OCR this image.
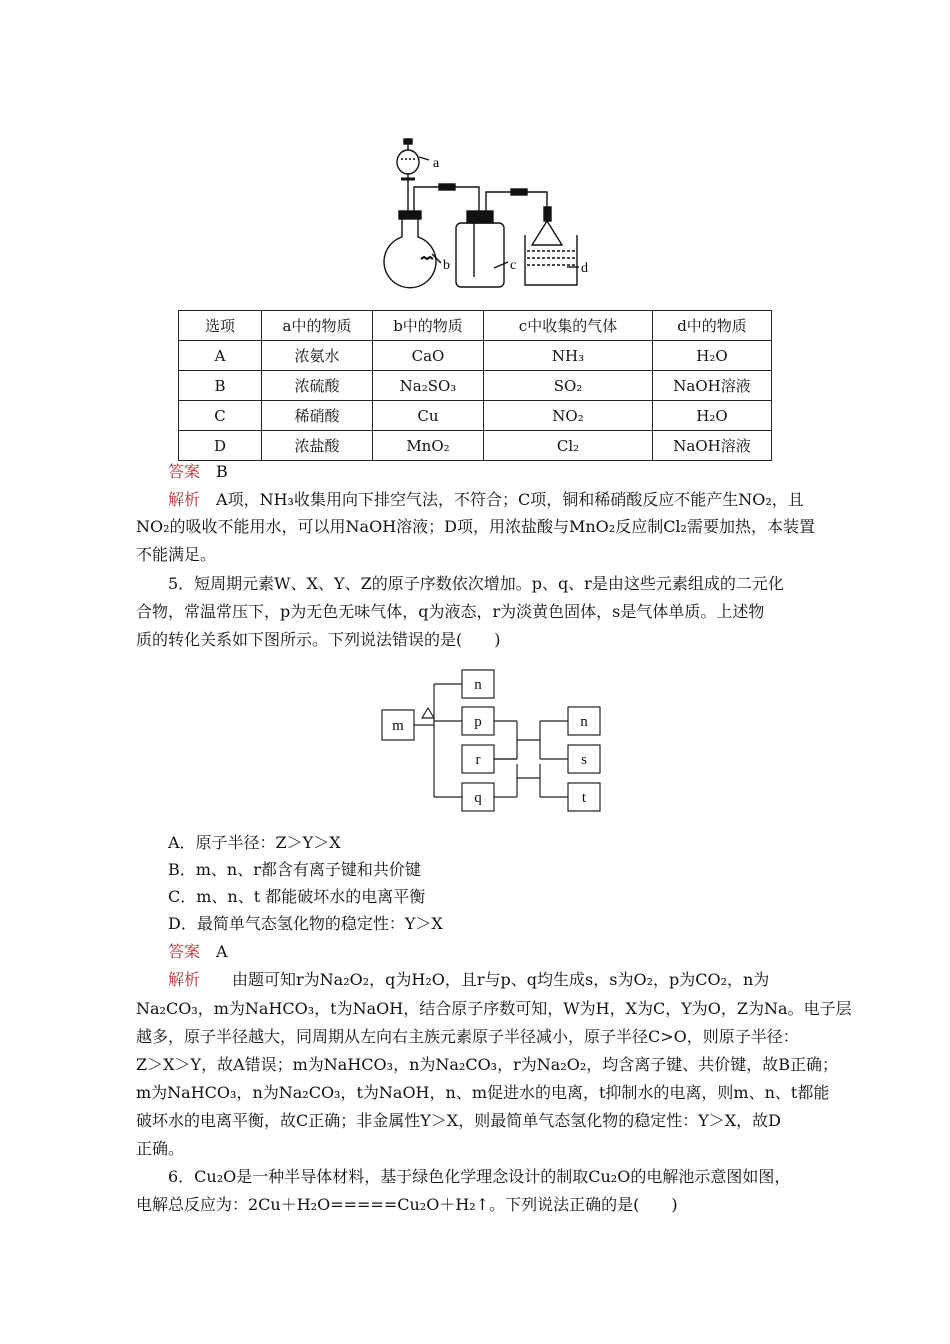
a
b	c	d
选项	a中的物质	b中的物质	c中收集的气体	d中的物质
A	浓氨水	CaO	NH₃	H₂O
B	浓硫酸	Na₂SO₃	SO₂	NaOH溶液
C	稀硝酸	Cu	NO₂	H₂O
D	浓盐酸	MnO₂	Cl₂	NaOH溶液
答案　 B
解析　 A项，NH₃收集用向下排空气法，不符合；C项，铜和稀硝酸反应不能产生NO₂，且
NO₂的吸收不能用水，可以用NaOH溶液；D项，用浓盐酸与MnO₂反应制Cl₂需要加热，本装置
不能满足。
5．短周期元素W、X、Y、Z的原子序数依次增加。p、q、r是由这些元素组成的二元化
合物，常温常压下，p为无色无味气体，q为液态，r为淡黄色固体，s是气体单质。上述物
质的转化关系如下图所示。下列说法错误的是(　　)
m
n
p
r
q
n
s
t
A．原子半径：Z＞Y＞X
B．m、n、r都含有离子键和共价键
C．m、n、t 都能破坏水的电离平衡
D．最简单气态氢化物的稳定性：Y＞X
答案　 A
解析　　 由题可知r为Na₂O₂，q为H₂O，且r与p、q均生成s，s为O₂，p为CO₂，n为
Na₂CO₃，m为NaHCO₃，t为NaOH，结合原子序数可知，W为H，X为C，Y为O，Z为Na。电子层
越多，原子半径越大，同周期从左向右主族元素原子半径减小，原子半径C>O，则原子半径：
Z＞X＞Y，故A错误；m为NaHCO₃，n为Na₂CO₃，r为Na₂O₂，均含离子键、共价键，故B正确；
m为NaHCO₃，n为Na₂CO₃，t为NaOH，n、m促进水的电离，t抑制水的电离，则m、n、t都能
破坏水的电离平衡，故C正确；非金属性Y＞X，则最简单气态氢化物的稳定性：Y＞X，故D
正确。
6．Cu₂O是一种半导体材料，基于绿色化学理念设计的制取Cu₂O的电解池示意图如图，
电解总反应为：2Cu＋H₂O=====Cu₂O＋H₂↑。下列说法正确的是(　　)
